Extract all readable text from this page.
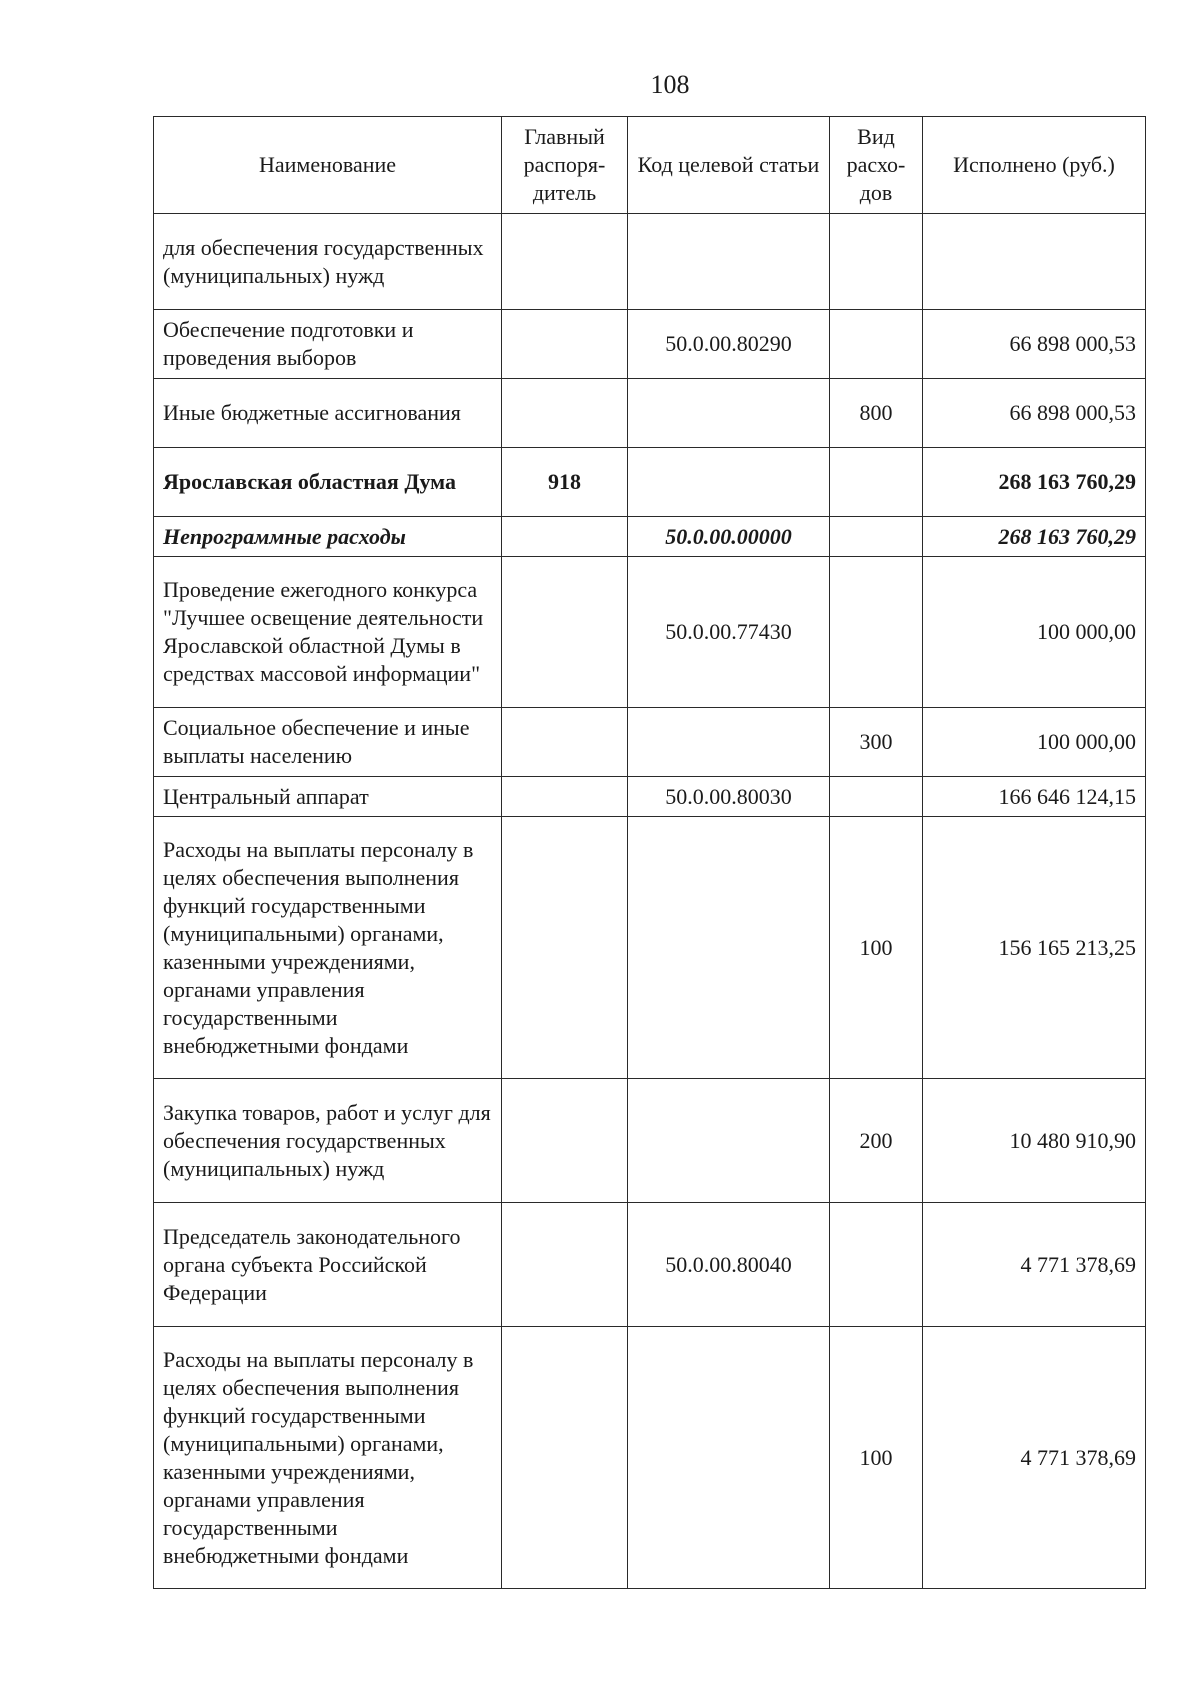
108
Наименование	Главный распоря-дитель	Код целевой статьи	Вид расхо-дов	Исполнено (руб.)
для обеспечения государственных (муниципальных) нужд				
Обеспечение подготовки и проведения выборов		50.0.00.80290		66 898 000,53
Иные бюджетные ассигнования			800	66 898 000,53
Ярославская областная Дума	918			268 163 760,29
Непрограммные расходы		50.0.00.00000		268 163 760,29
Проведение ежегодного конкурса "Лучшее освещение деятельности Ярославской областной Думы в средствах массовой информации"		50.0.00.77430		100 000,00
Социальное обеспечение и иные выплаты населению			300	100 000,00
Центральный аппарат		50.0.00.80030		166 646 124,15
Расходы на выплаты персоналу в целях обеспечения выполнения функций государственными (муниципальными) органами, казенными учреждениями, органами управления государственными внебюджетными фондами			100	156 165 213,25
Закупка товаров, работ и услуг для обеспечения государственных (муниципальных) нужд			200	10 480 910,90
Председатель законодательного органа субъекта Российской Федерации		50.0.00.80040		4 771 378,69
Расходы на выплаты персоналу в целях обеспечения выполнения функций государственными (муниципальными) органами, казенными учреждениями, органами управления государственными внебюджетными фондами			100	4 771 378,69
